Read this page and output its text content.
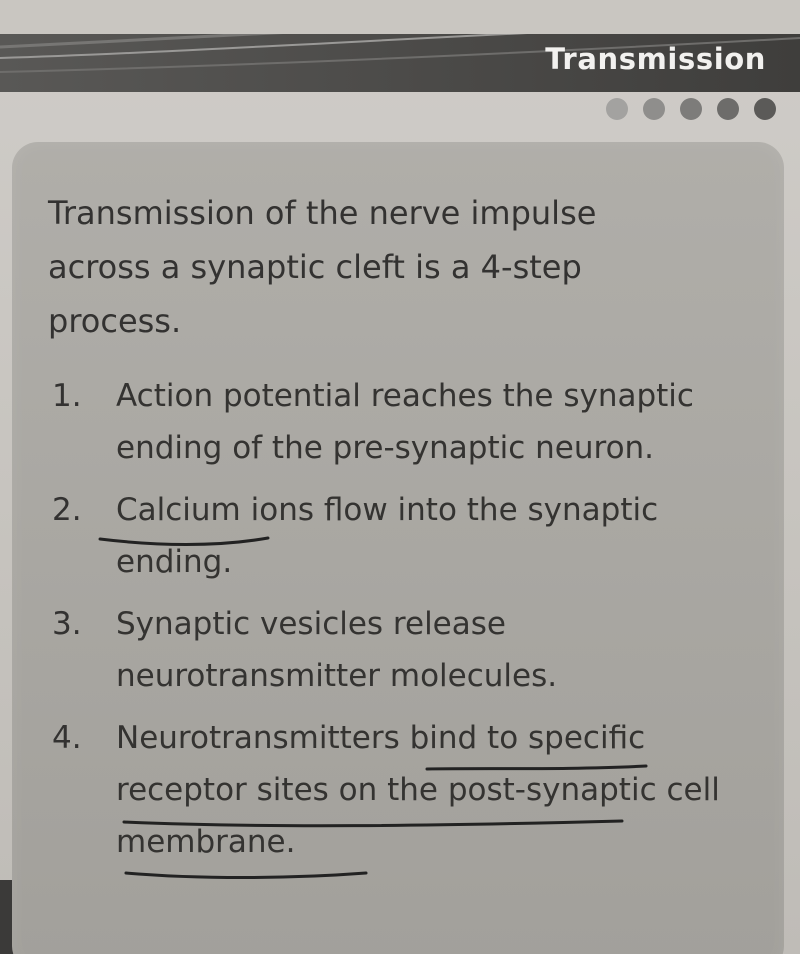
Transmission
Transmission of the nerve impulse across a synaptic cleft is a 4-step process.
1.	Action potential reaches the synaptic ending of the pre-synaptic neuron.
2.	Calcium ions flow into the synaptic ending.
3.	Synaptic vesicles release neurotransmitter molecules.
4.	Neurotransmitters bind to specific receptor sites on the post-synaptic cell membrane.
